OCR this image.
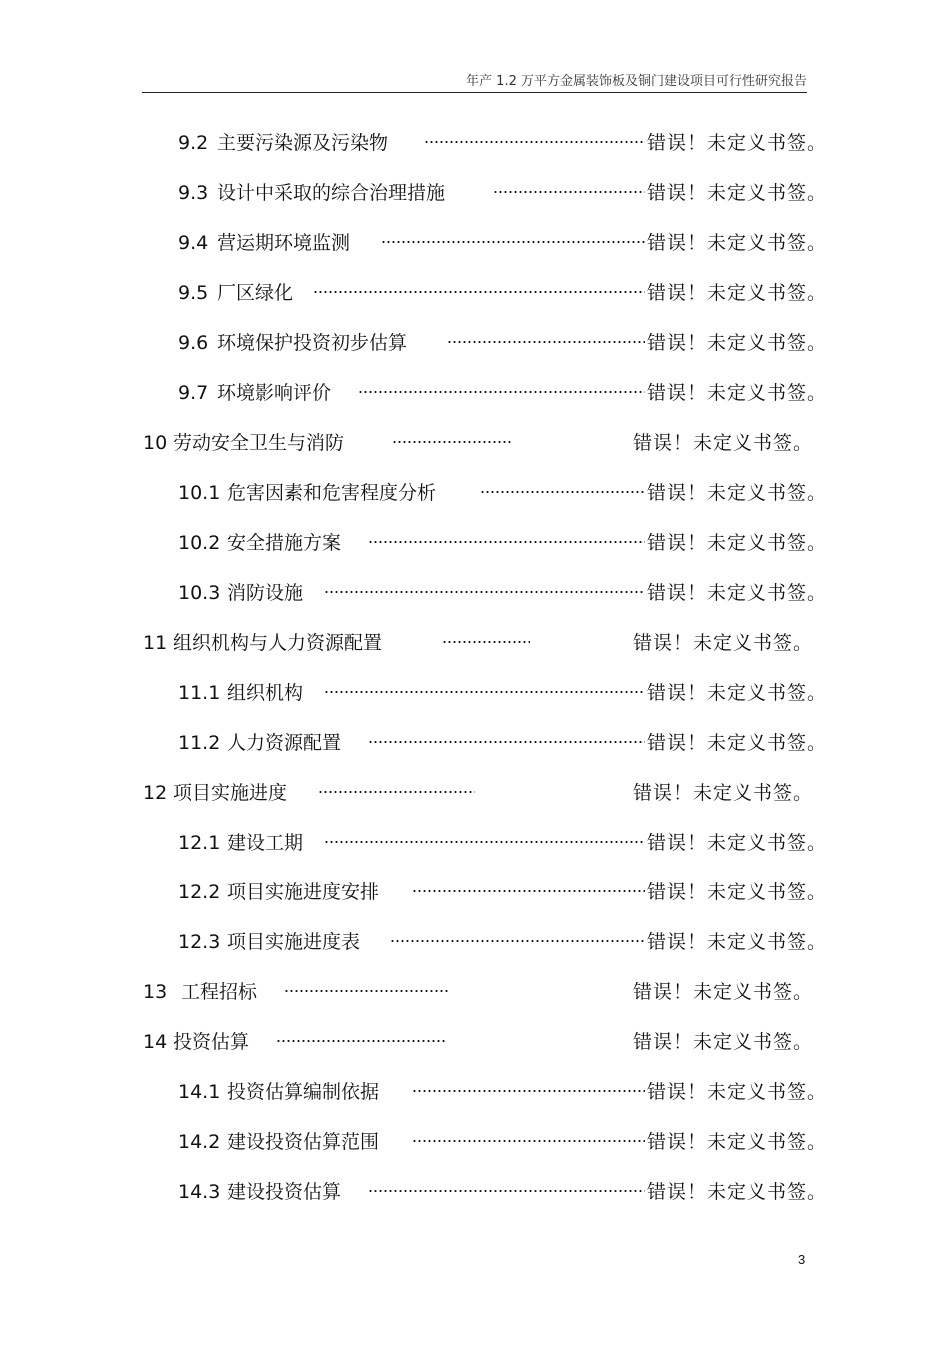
年产 1.2 万平方金属装饰板及铜门建设项目可行性研究报告
9.2 主要污染源及污染物	错误！未定义书签。
9.3 设计中采取的综合治理措施	错误！未定义书签。
9.4 营运期环境监测	错误！未定义书签。
9.5 厂区绿化	错误！未定义书签。
9.6 环境保护投资初步估算	错误！未定义书签。
9.7 环境影响评价	错误！未定义书签。
10 劳动安全卫生与消防	错误！未定义书签。
10.1 危害因素和危害程度分析	错误！未定义书签。
10.2 安全措施方案	错误！未定义书签。
10.3 消防设施	错误！未定义书签。
11 组织机构与人力资源配置	错误！未定义书签。
11.1 组织机构	错误！未定义书签。
11.2 人力资源配置	错误！未定义书签。
12 项目实施进度	错误！未定义书签。
12.1 建设工期	错误！未定义书签。
12.2 项目实施进度安排	错误！未定义书签。
12.3 项目实施进度表	错误！未定义书签。
13 工程招标	错误！未定义书签。
14 投资估算	错误！未定义书签。
14.1 投资估算编制依据	错误！未定义书签。
14.2 建设投资估算范围	错误！未定义书签。
14.3 建设投资估算	错误！未定义书签。
3
